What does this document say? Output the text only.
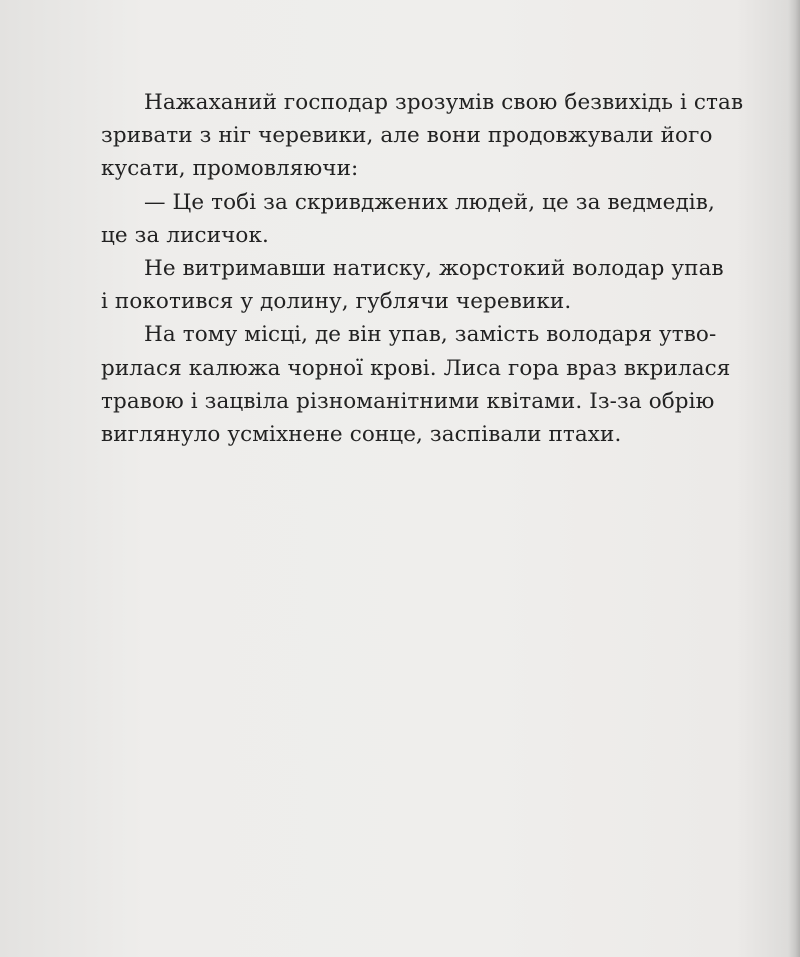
Нажаханий господар зрозумів свою безвихідь і став
зривати з ніг черевики, але вони продовжували його
кусати, промовляючи:

— Це тобі за скривджених людей, це за ведмедів,
це за лисичок.

Не витримавши натиску, жорстокий володар упав
і покотився у долину, гублячи черевики.

На тому місці, де він упав, замість володаря утво-
рилася калюжа чорної крові. Лиса гора враз вкрилася
травою і зацвіла різноманітними квітами. Із-за обрію
виглянуло усміхнене сонце, заспівали птахи.
